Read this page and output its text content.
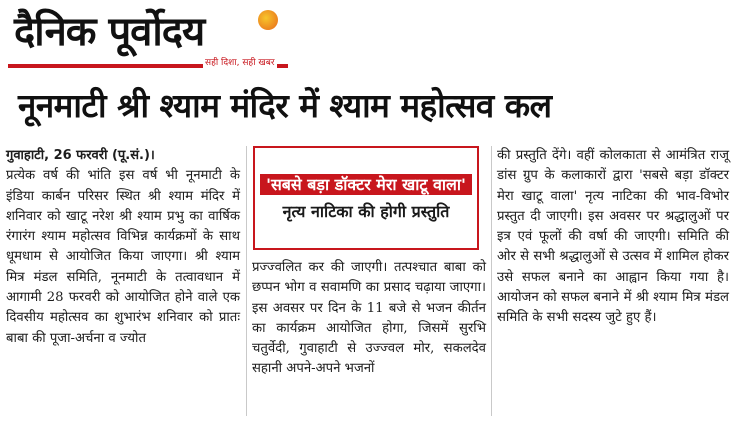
दैनिक पूर्वोदय
सही दिशा, सही खबर
नूनमाटी श्री श्याम मंदिर में श्याम महोत्सव कल

गुवाहाटी, 26 फरवरी (पू.सं.)।

प्रत्येक वर्ष की भांति इस वर्ष भी नूनमाटी के इंडिया कार्बन परिसर स्थित श्री श्याम मंदिर में शनिवार को खाटू नरेश श्री श्याम प्रभु का वार्षिक रंगारंग श्याम महोत्सव विभिन्न कार्यक्रमों के साथ धूमधाम से आयोजित किया जाएगा। श्री श्याम मित्र मंडल समिति, नूनमाटी के तत्वावधान में आगामी 28 फरवरी को आयोजित होने वाले एक दिवसीय महोत्सव का शुभारंभ शनिवार को प्रातः बाबा की पूजा-अर्चना व ज्योत

'सबसे बड़ा डॉक्टर मेरा खाटू वाला' नृत्य नाटिका की होगी प्रस्तुति

प्रज्ज्वलित कर की जाएगी। तत्पश्चात बाबा को छप्पन भोग व सवामणि का प्रसाद चढ़ाया जाएगा। इस अवसर पर दिन के 11 बजे से भजन कीर्तन का कार्यक्रम आयोजित होगा, जिसमें सुरभि चतुर्वेदी, गुवाहाटी से उज्ज्वल मोर, सकलदेव सहानी अपने-अपने भजनों

की प्रस्तुति देंगे। वहीं कोलकाता से आमंत्रित राजू डांस ग्रुप के कलाकारों द्वारा 'सबसे बड़ा डॉक्टर मेरा खाटू वाला' नृत्य नाटिका की भाव-विभोर प्रस्तुत दी जाएगी। इस अवसर पर श्रद्धालुओं पर इत्र एवं फूलों की वर्षा की जाएगी। समिति की ओर से सभी श्रद्धालुओं से उत्सव में शामिल होकर उसे सफल बनाने का आह्वान किया गया है। आयोजन को सफल बनाने में श्री श्याम मित्र मंडल समिति के सभी सदस्य जुटे हुए हैं।
